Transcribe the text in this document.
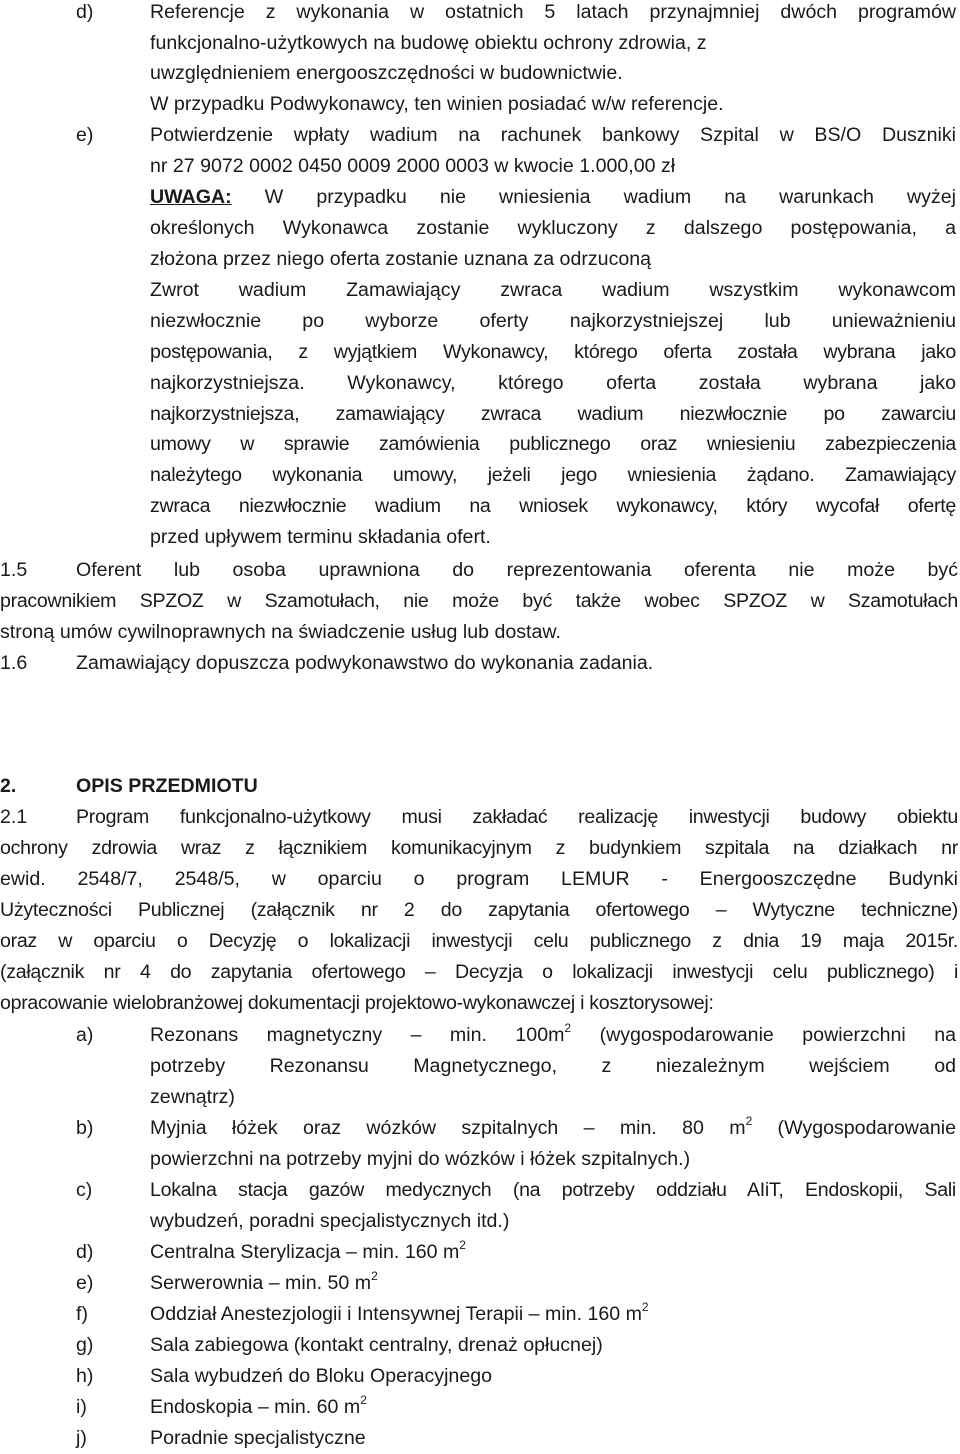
d)	Referencje z wykonania w ostatnich 5 latach przynajmniej dwóch programów
funkcjonalno-użytkowych na budowę obiektu ochrony zdrowia, z
uwzględnieniem energooszczędności w budownictwie.
W przypadku Podwykonawcy, ten winien posiadać w/w referencje.
e)	Potwierdzenie wpłaty wadium na rachunek bankowy Szpital w BS/O Duszniki
nr 27 9072 0002 0450 0009 2000 0003 w kwocie 1.000,00 zł
UWAGA: W przypadku nie wniesienia wadium na warunkach wyżej
określonych Wykonawca zostanie wykluczony z dalszego postępowania, a
złożona przez niego oferta zostanie uznana za odrzuconą
Zwrot wadium Zamawiający zwraca wadium wszystkim wykonawcom
niezwłocznie po wyborze oferty najkorzystniejszej lub unieważnieniu
postępowania, z wyjątkiem Wykonawcy, którego oferta została wybrana jako
najkorzystniejsza. Wykonawcy, którego oferta została wybrana jako
najkorzystniejsza, zamawiający zwraca wadium niezwłocznie po zawarciu
umowy w sprawie zamówienia publicznego oraz wniesieniu zabezpieczenia
należytego wykonania umowy, jeżeli jego wniesienia żądano. Zamawiający
zwraca niezwłocznie wadium na wniosek wykonawcy, który wycofał ofertę
przed upływem terminu składania ofert.
1.5 Oferent lub osoba uprawniona do reprezentowania oferenta nie może być
pracownikiem SPZOZ w Szamotułach, nie może być także wobec SPZOZ w Szamotułach
stroną umów cywilnoprawnych na świadczenie usług lub dostaw.
1.6 Zamawiający dopuszcza podwykonawstwo do wykonania zadania.
2.	OPIS PRZEDMIOTU
2.1 Program funkcjonalno-użytkowy musi zakładać realizację inwestycji budowy obiektu
ochrony zdrowia wraz z łącznikiem komunikacyjnym z budynkiem szpitala na działkach nr
ewid. 2548/7, 2548/5, w oparciu o program LEMUR - Energooszczędne Budynki
Użyteczności Publicznej (załącznik nr 2 do zapytania ofertowego – Wytyczne techniczne)
oraz w oparciu o Decyzję o lokalizacji inwestycji celu publicznego z dnia 19 maja 2015r.
(załącznik nr 4 do zapytania ofertowego – Decyzja o lokalizacji inwestycji celu publicznego) i
opracowanie wielobranżowej dokumentacji projektowo-wykonawczej i kosztorysowej:
a)	Rezonans magnetyczny – min. $100m^2$ (wygospodarowanie powierzchni na
potrzeby Rezonansu Magnetycznego, z niezależnym wejściem od
zewnątrz)
b)	Myjnia łóżek oraz wózków szpitalnych – min. 80 $m^2$ (Wygospodarowanie
powierzchni na potrzeby myjni do wózków i łóżek szpitalnych.)
c)	Lokalna stacja gazów medycznych (na potrzeby oddziału AIiT, Endoskopii, Sali
wybudzeń, poradni specjalistycznych itd.)
d)	Centralna Sterylizacja – min. 160 $m^2$
e)	Serwerownia – min. 50 $m^2$
f)	Oddział Anestezjologii i Intensywnej Terapii – min. 160 $m^2$
g)	Sala zabiegowa (kontakt centralny, drenaż opłucnej)
h)	Sala wybudzeń do Bloku Operacyjnego
i)	Endoskopia – min. 60 $m^2$
j)	Poradnie specjalistyczne
